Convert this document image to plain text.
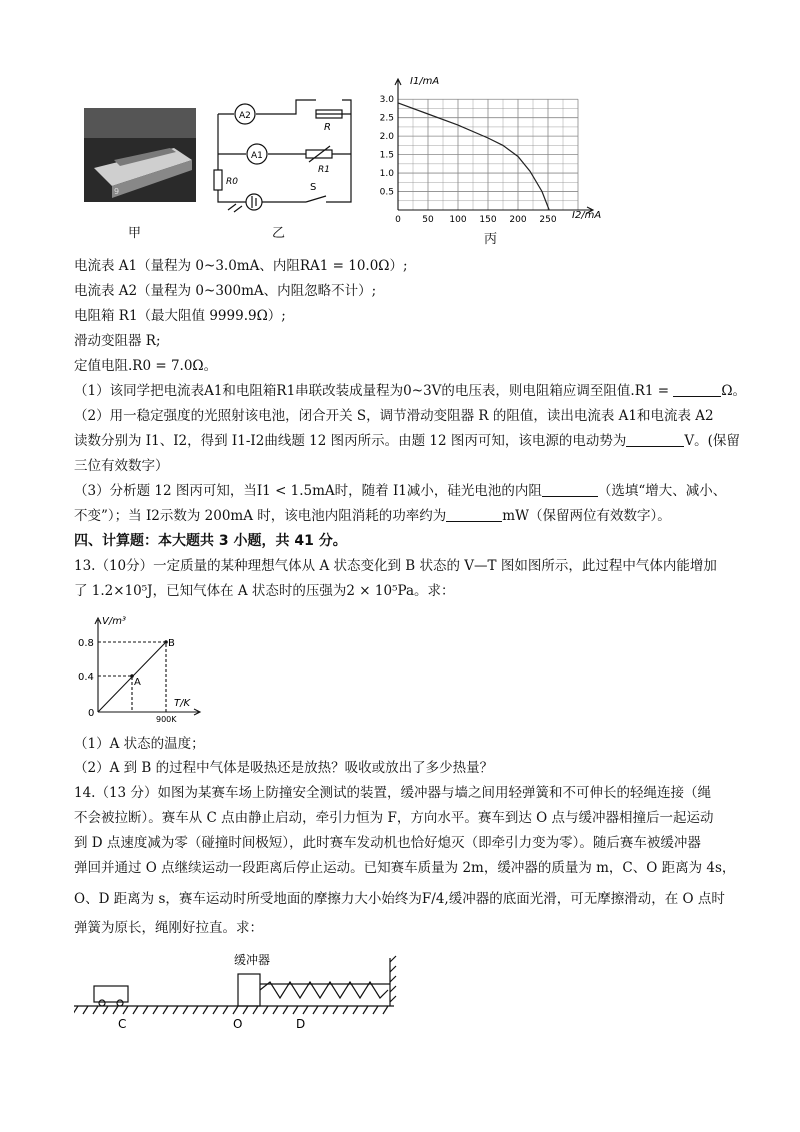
9
甲
A2
A1
R
R1
R0	S
乙
3.0
2.5
2.0
1.5
1.0
0.5
0 50 100 150 200 250
I1/mA
I2/mA
丙
电流表 A1（量程为 0~3.0mA、内阻RA1 = 10.0Ω）;
电流表 A2（量程为 0~300mA、内阻忽略不计）;
电阻箱 R1（最大阻值 9999.9Ω）;
滑动变阻器 R;
定值电阻.R0 = 7.0Ω。
（1）该同学把电流表A1和电阻箱R1串联改装成量程为0~3V的电压表，则电阻箱应调至阻值.R1 =	Ω。
（2）用一稳定强度的光照射该电池，闭合开关 S，调节滑动变阻器 R 的阻值，读出电流表 A1和电流表 A2
读数分别为 I1、I2，得到 I1-I2曲线题 12 图丙所示。由题 12 图丙可知，该电源的电动势为	V。(保留
三位有效数字）
（3）分析题 12 图丙可知，当I1 < 1.5mA时，随着 I1减小，硅光电池的内阻	（选填“增大、减小、
不变”）；当 I2示数为 200mA 时，该电池内阻消耗的功率约为	mW（保留两位有效数字）。
四、计算题：本大题共 3 小题，共 41 分。
13.（10分）一定质量的某种理想气体从 A 状态变化到 B 状态的 V—T 图如图所示，此过程中气体内能增加
了 1.2×10⁵J，已知气体在 A 状态时的压强为2 × 10⁵Pa。求：
V/m³
T/K
0.8
0.4
0
900K
A
B
（1）A 状态的温度；
（2）A 到 B 的过程中气体是吸热还是放热？吸收或放出了多少热量？
14.（13 分）如图为某赛车场上防撞安全测试的装置，缓冲器与墙之间用轻弹簧和不可伸长的轻绳连接（绳
不会被拉断）。赛车从 C 点由静止启动，牵引力恒为 F，方向水平。赛车到达 O 点与缓冲器相撞后一起运动
到 D 点速度减为零（碰撞时间极短），此时赛车发动机也恰好熄灭（即牵引力变为零）。随后赛车被缓冲器
弹回并通过 O 点继续运动一段距离后停止运动。已知赛车质量为 2m，缓冲器的质量为 m，C、O 距离为 4s，
O、D 距离为 s，赛车运动时所受地面的摩擦力大小始终为F/4,缓冲器的底面光滑，可无摩擦滑动，在 O 点时
弹簧为原长，绳刚好拉直。求：
缓冲器
C	O	D
